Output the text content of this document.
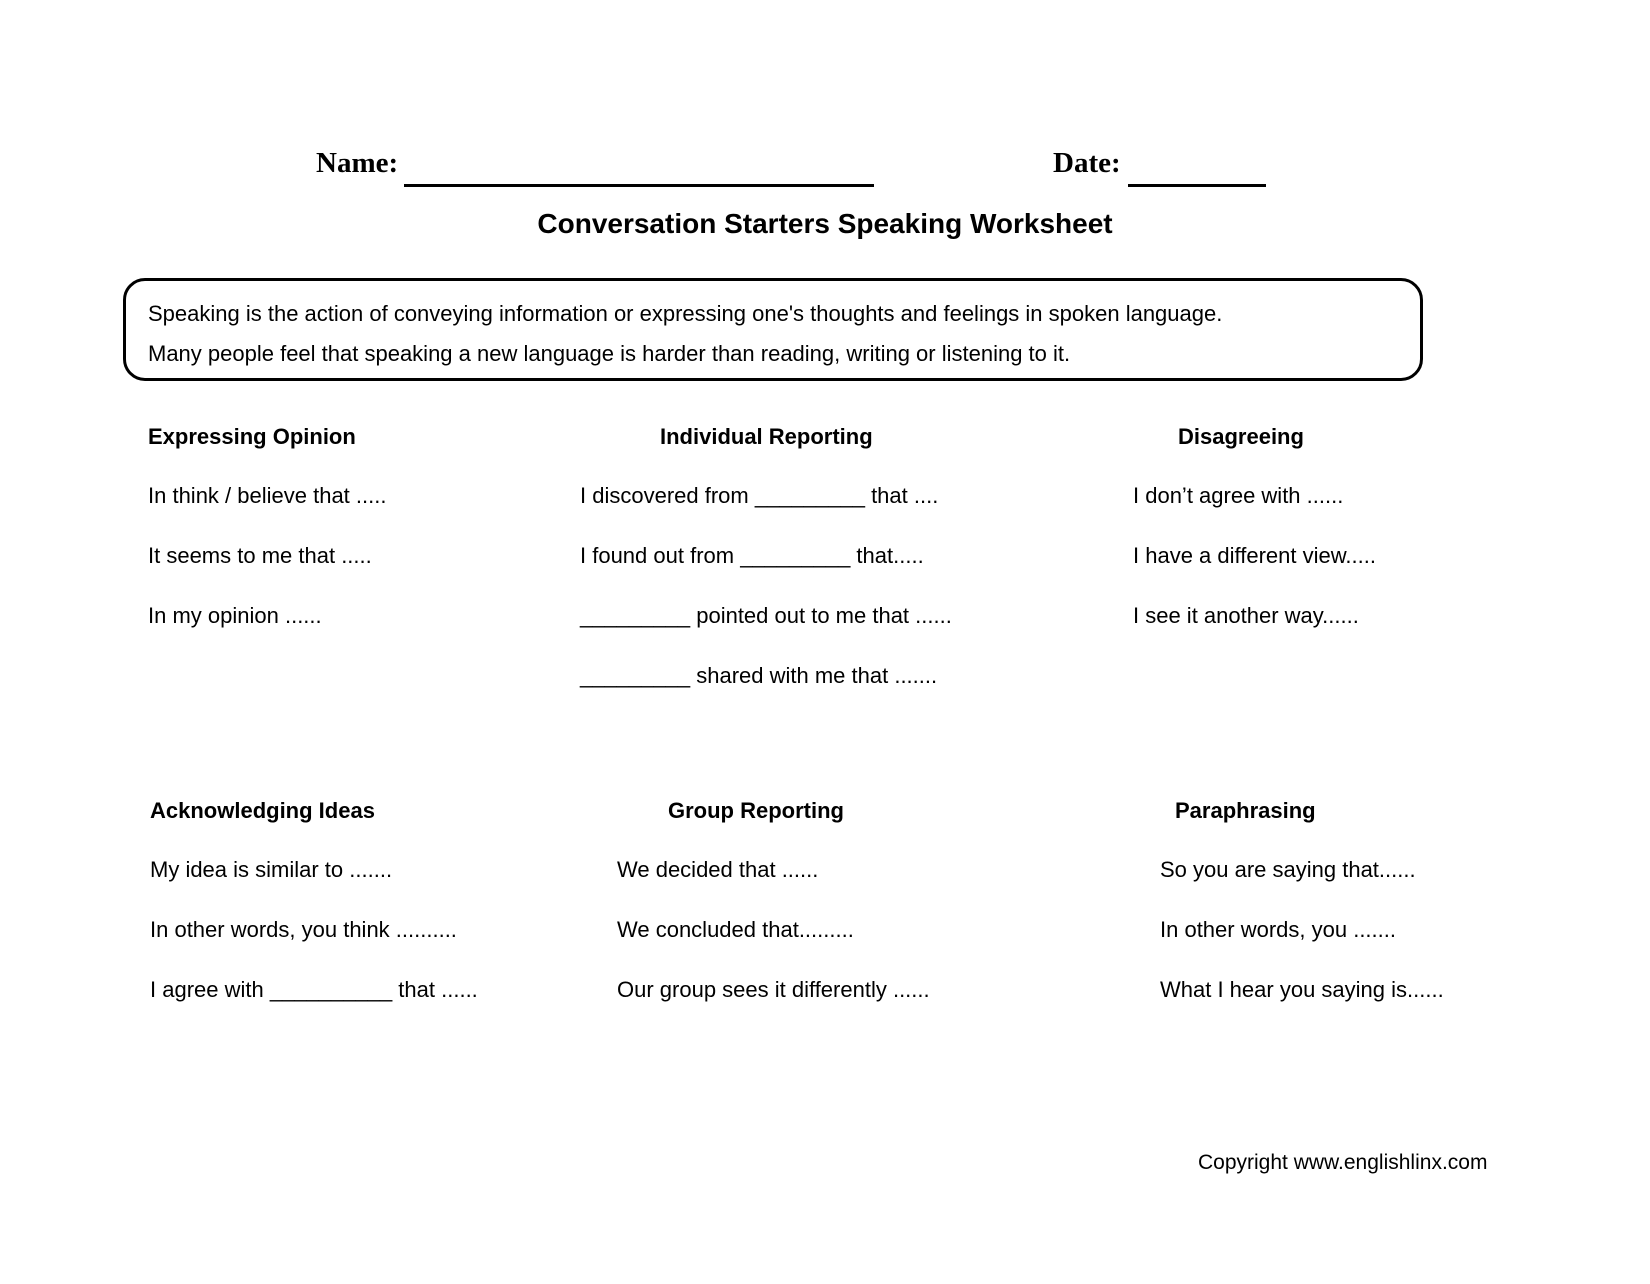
Name:	Date:
Conversation Starters Speaking Worksheet
Speaking is the action of conveying information or expressing one's thoughts and feelings in spoken language.
Many people feel that speaking a new language is harder than reading, writing or listening to it.
Expressing Opinion
In think / believe that .....
It seems to me that .....
In my opinion ......
Individual Reporting
I discovered from _________ that ....
I found out from _________ that.....
_________ pointed out to me that ......
_________ shared with me that .......
Disagreeing
I don’t agree with ......
I have a different view.....
I see it another way......
Acknowledging Ideas
My idea is similar to .......
In other words, you think ..........
I agree with __________ that ......
Group Reporting
We decided that ......
We concluded that.........
Our group sees it differently ......
Paraphrasing
So you are saying that......
In other words, you .......
What I hear you saying is......
Copyright www.englishlinx.com
